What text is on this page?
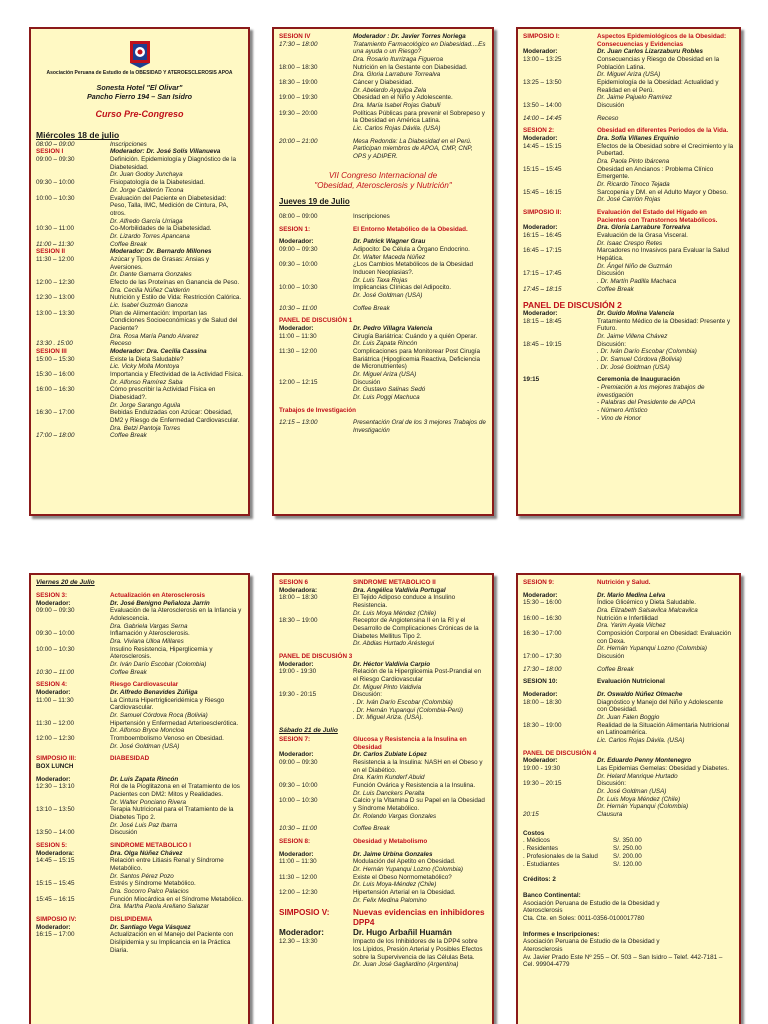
Asociación Peruana de Estudio de la OBESIDAD Y ATEROESCLEROSIS APOA
Sonesta Hotel "El Olivar"
Pancho Fierro 194 – San Isidro
Curso Pre-Congreso
Miércoles 18 de julio
08:00 – 09:00	Inscripciones
SESION I	Moderador: Dr. José Solís Villanueva
09:00 – 09:30	Definición. Epidemiología y Diagnóstico de la Diabetesidad.
Dr. Juan Godoy Junchaya
09:30 – 10:00	Fisiopatología de la Diabetesidad.
Dr. Jorge Calderón Ticona
10:00 – 10:30	Evaluación del Paciente en Diabetesidad: Peso, Talla, IMC, Medición de Cintura, PA, otros.
Dr. Alfredo García Urriaga
10:30 – 11:00	Co-Morbilidades de la Diabetesidad.
Dr. Lizardo Torres Apancana
11:00 – 11:30	Coffee Break
SESION II	Moderador: Dr. Bernardo Millones
11:30 – 12:00	Azúcar y Tipos de Grasas: Ansias y Aversiones.
Dr. Dante Gamarra Gonzales
12:00 – 12:30	Efecto de las Proteínas en Ganancia de Peso.
Dra. Cecilia Núñez Calderón
12:30 – 13:00	Nutrición y Estilo de Vida: Restricción Calórica.
Lic. Isabel Guzmán Ganoza
13:00 – 13:30	Plan de Alimentación: Importan las Condiciones Socioeconómicas y de Salud del Paciente?
Dra. Rosa María Pando Alvarez
13:30 . 15:00	Receso
SESION III	Moderador: Dra. Cecilia Cassina
15:00 – 15:30	Existe la Dieta Saludable?
Lic. Vicky Molla Montoya
15:30 – 16:00	Importancia y Efectividad de la Actividad Física.
Dr. Alfonso Ramírez Saba
16:00 – 16:30	Cómo prescribir la Actividad Física en Diabesidad?.
Dr. Jorge Sarango Aguila
16:30 – 17:00	Bebidas Endulzadas con Azúcar: Obesidad, DM2 y Riesgo de Enfermedad Cardiovascular.
Dra. Betzi Pantoja Torres
17:00 – 18:00	Coffee Break
SESION IV	Moderador : Dr. Javier Torres Noriega
17:30 – 18:00	Tratamiento Farmacológico en Diabesidad....Es una ayuda o un Riesgo?
Dra. Rosario Iturrizaga Figueroa
18:00 – 18:30	Nutrición en la Gestante con Diabesidad.
Dra. Gloria Larrabure Torrealva
18:30 – 19:00	Cáncer y Diabesidad.
Dr. Abelardo Ayquipa Zela
19:00 – 19:30	Obesidad en el Niño y Adolescente.
Dra. María Isabel Rojas Gabulli
19:30 – 20:00	Políticas Públicas para prevenir el Sobrepeso y la Obesidad en América Latina.
Lic. Carlos Rojas Dávila. (USA)
20:00 – 21:00	Mesa Redonda: La Diabesidad en el Perú. Participan miembros de APOA, CMP, CNP, OPS y ADIPER.
VII Congreso Internacional de
"Obesidad, Aterosclerosis y Nutrición"
Jueves 19 de Julio
08:00 – 09:00	Inscripciones
SESIÓN 1:	El Entorno Metabólico de la Obesidad.
Moderador:	Dr. Patrick Wagner Grau
09:00 – 09:30	Adipocito: De Célula a Órgano Endocrino.
Dr. Walter Maceda Núñez
09:30 – 10:00	¿Los Cambios Metabólicos de la Obesidad Inducen Neoplasias?.
Dr. Luis Taxa Rojas
10:00 – 10:30	Implicancias Clínicas del Adipocito.
Dr. José Goldman (USA)
10:30 – 11:00	Coffee Break
PANEL DE DISCUSIÓN 1
Moderador:	Dr. Pedro Villagra Valencia
11:00 – 11:30	Cirugía Bariátrica: Cuándo y a quién Operar.
Dr. Luis Zapata Rincón
11:30 – 12:00	Complicaciones para Monitorear Post Cirugía Bariátrica (Hipoglicemia Reactiva, Deficiencia de Micronutrientes)
Dr. Miguel Ariza (USA)
12:00 – 12:15	Discusión
Dr. Gustavo Salinas Sedó
Dr. Luis Poggi Machuca
Trabajos de Investigación
12:15 – 13:00	Presentación Oral de los 3 mejores Trabajos de Investigación
SIMPOSIO I:	Aspectos Epidemiológicos de la Obesidad: Consecuencias y Evidencias
Moderador:	Dr. Juan Carlos Lizarzaburu Robles
13:00 – 13:25	Consecuencias y Riesgo de Obesidad en la Población Latina.
Dr. Miguel Ariza (USA)
13:25 – 13:50	Epidemiología de la Obesidad: Actualidad y Realidad en el Perú.
Dr. Jaime Pajuelo Ramírez
13:50 – 14:00	Discusión
14:00 – 14:45	Receso
SESIÓN 2:	Obesidad en diferentes Periodos de la Vida.
Moderador:	Dra. Sofía Villanes Erquinio
14:45 – 15:15	Efectos de la Obesidad sobre el Crecimiento y la Pubertad.
Dra. Paola Pinto Ibárcena
15:15 – 15:45	Obesidad en Ancianos : Problema Clínico Emergente.
Dr. Ricardo Tinoco Tejada
15:45 – 16:15	Sarcopenia y DM. en el Adulto Mayor y Obeso.
Dr. José Carrión Rojas
SIMPOSIO II:	Evaluación del Estado del Hígado en Pacientes con Transtornos Metabólicos.
Moderador:	Dra. Gloria Larrabure Torrealva
16:15 – 16:45	Evaluación de la Grasa Visceral.
Dr. Isaac Crespo Retes
16:45 – 17:15	Marcadores no Invasivos para Evaluar la Salud Hepática.
Dr. Ángel Niño de Guzmán
17:15 – 17:45	Discusión
. Dr. Martín Padilla Machaca
17:45 – 18:15	Coffee Break
PANEL DE DISCUSIÓN 2
Moderador:	Dr. Guido Molina Valencia
18:15 – 18:45	Tratamiento Médico de la Obesidad: Presente y Futuro.
Dr. Jaime Villena Chávez
18:45 – 19:15	Discusión:
. Dr. Iván Darío Escobar (Colombia)
. Dr. Samuel Córdova (Bolivia)
. Dr. José Goldman (USA)
19:15	Ceremonia de Inauguración
- Premiación a los mejores trabajos de investigación
- Palabras del Presidente de APOA
- Número Artístico
- Vino de Honor
Viernes 20 de Julio
SESIÓN 3:	Actualización en Aterosclerosis
Moderador:	Dr. José Benigno Peñaloza Jarrín
09:00 – 09:30	Evaluación de la Aterosclerosis en la Infancia y Adolescencia.
Dra. Gabriela Vargas Serna
09:30 – 10:00	Inflamación y Aterosclerosis.
Dra. Viviana Ulloa Millares
10:00 – 10:30	Insulino Resistencia, Hiperglicemia y Aterosclerosis.
Dr. Iván Darío Escobar (Colombia)
10:30 – 11:00	Coffee Break
SESIÓN 4:	Riesgo Cardiovascular
Moderador:	Dr. Alfredo Benavides Zúñiga
11:00 – 11:30	La Cintura Hipertrigliceridémica y Riesgo Cardiovascular.
Dr. Samuel Córdova Roca (Bolivia)
11:30 – 12:00	Hipertensión y Enfermedad Arterioesclerótica.
Dr. Alfonso Bryce Moncloa
12:00 – 12:30	Tromboembolismo Venoso en Obesidad.
Dr. José Goldman (USA)
SIMPOSIO III:	DIABESIDAD
BOX LUNCH
Moderador:	Dr. Luis Zapata Rincón
12:30 – 13:10	Rol de la Pioglitazona en el Tratamiento de los Pacientes con DM2: Mitos y Realidades.
Dr. Walter Ponciano Rivera
13:10 – 13:50	Terapia Nutricional para el Tratamiento de la Diabetes Tipo 2.
Dr. José Luis Paz Ibarra
13:50 – 14:00	Discusión
SESIÓN 5:	SINDROME METABOLICO I
Moderadora:	Dra. Olga Núñez Chávez
14:45 – 15:15	Relación entre Litiasis Renal y Síndrome Metabólico.
Dr. Santos Pérez Pozo
15:15 – 15:45	Estrés y Síndrome Metabólico.
Dra. Socorro Palco Palacios
15:45 – 16:15	Función Miocárdica en el Síndrome Metabólico.
Dra. Martha Paola Arellano Salazar
SIMPOSIO IV:	DISLIPIDEMIA
Moderador:	Dr. Santiago Vega Vásquez
16:15 – 17:00	Actualización en el Manejo del Paciente con Dislipidemia y su Implicancia en la Práctica Diaria.
SESIÓN 6	SINDROME METABOLICO II
Moderadora:	Dra. Angélica Valdivia Portugal
18:00 – 18:30	El Tejido Adiposo conduce a Insulino Resistencia.
Dr. Luis Moya Méndez (Chile)
18:30 – 19:00	Receptor de Angiotensina II en la RI y el Desarrollo de Complicaciones Crónicas de la Diabetes Mellitus Tipo 2.
Dr. Abdias Hurtado Aréstegui
PANEL DE DISCUSIÓN 3
Moderador:	Dr. Héctor Valdivia Carpio
19:00 - 19:30	Relación de la Hiperglicemia Post-Prandial en el Riesgo Cardiovascular
Dr. Miguel Pinto Valdivia
19:30 - 20:15	Discusión:
. Dr. Iván Darío Escobar (Colombia)
. Dr. Hernán Yupanqui (Colombia-Perú)
. Dr. Miguel Ariza. (USA).
Sábado 21 de Julio
SESIÓN 7:	Glucosa y Resistencia a la Insulina en Obesidad
Moderador:	Dr. Carlos Zubiate López
09:00 – 09:30	Resistencia a la Insulina: NASH en el Obeso y en el Diabético.
Dra. Karim Kunderf Abuid
09:30 – 10:00	Función Ovárica y Resistencia a la Insulina.
Dr. Luis Danckers Peralta
10:00 – 10:30	Calcio y la Vitamina D su Papel en la Obesidad y Síndrome Metabólico.
Dr. Rolando Vargas Gonzales
10:30 – 11:00	Coffee Break
SESIÓN 8:	Obesidad y Metabolismo
Moderador:	Dr. Jaime Urbina Gonzales
11:00 – 11:30	Modulación del Apetito en Obesidad.
Dr. Hernán Yupanqui Lozno (Colombia)
11:30 – 12:00	Existe el Obeso Normometabólico?
Dr. Luis Moya-Méndez (Chile)
12:00 – 12:30	Hipertensión Arterial en la Obesidad.
Dr. Felix Medina Palomino
SIMPOSIO V:	Nuevas evidencias en inhibidores DPP4
Moderador:	Dr. Hugo Arbañil Huamán
12.30 – 13:30	Impacto de los Inhibidores de la DPP4 sobre los Lípidos, Presión Arterial y Posibles Efectos sobre la Supervivencia de las Células Beta.
Dr. Juan José Gagliardino (Argentina)
SESIÓN 9:	Nutrición y Salud.
Moderador:	Dr. Mario Medina Lelva
15:30 – 16:00	Índice Glicémico y Dieta Saludable.
Dra. Elizabeth Salsavilca Malcavilca
16:00 – 16:30	Nutrición e Infertilidad
Dra. Yarim Ayala Vilchez
16:30 – 17:00	Composición Corporal en Obesidad: Evaluación con Dexa.
Dr. Hernán Yupanqui Lozno (Colombia)
17:00 – 17:30	Discusión
17:30 – 18:00	Coffee Break
SESIÓN 10:	Evaluación Nutricional
Moderador:	Dr. Oswaldo Núñez Olmache
18:00 – 18:30	Diagnóstico y Manejo del Niño y Adolescente con Obesidad.
Dr. Juan Falen Boggio
18:30 – 19:00	Realidad de la Situación Alimentaria Nutricional en Latinoamérica.
Lic. Carlos Rojas Dávila. (USA)
PANEL DE DISCUSIÓN 4
Moderador:	Dr. Eduardo Penny Montenegro
19:00 - 19:30	Las Epidemias Gemelas: Obesidad y Diabetes.
Dr. Helard Manrique Hurtado
19:30 – 20:15	Discusión:
Dr. José Goldman (USA)
Dr. Luis Moya Méndez (Chile)
Dr. Hernán Yupanqui (Colombia)
20:15	Clausura
Costos
. Médicos	S/. 350.00
. Residentes	S/. 250.00
. Profesionales de la Salud	S/. 200.00
. Estudiantes	S/. 120.00
Créditos: 2
Banco Continental:
Asociación Peruana de Estudio de la Obesidad y
Aterosclerosis
Cta. Cte. en Soles: 0011-0356-0100017780
Informes e Inscripciones:
Asociación Peruana de Estudio de la Obesidad y
Aterosclerosis
Av. Javier Prado Este Nº 255 – Of. 503 – San Isidro – Telef. 442-7181 – Cel. 99904-4779
